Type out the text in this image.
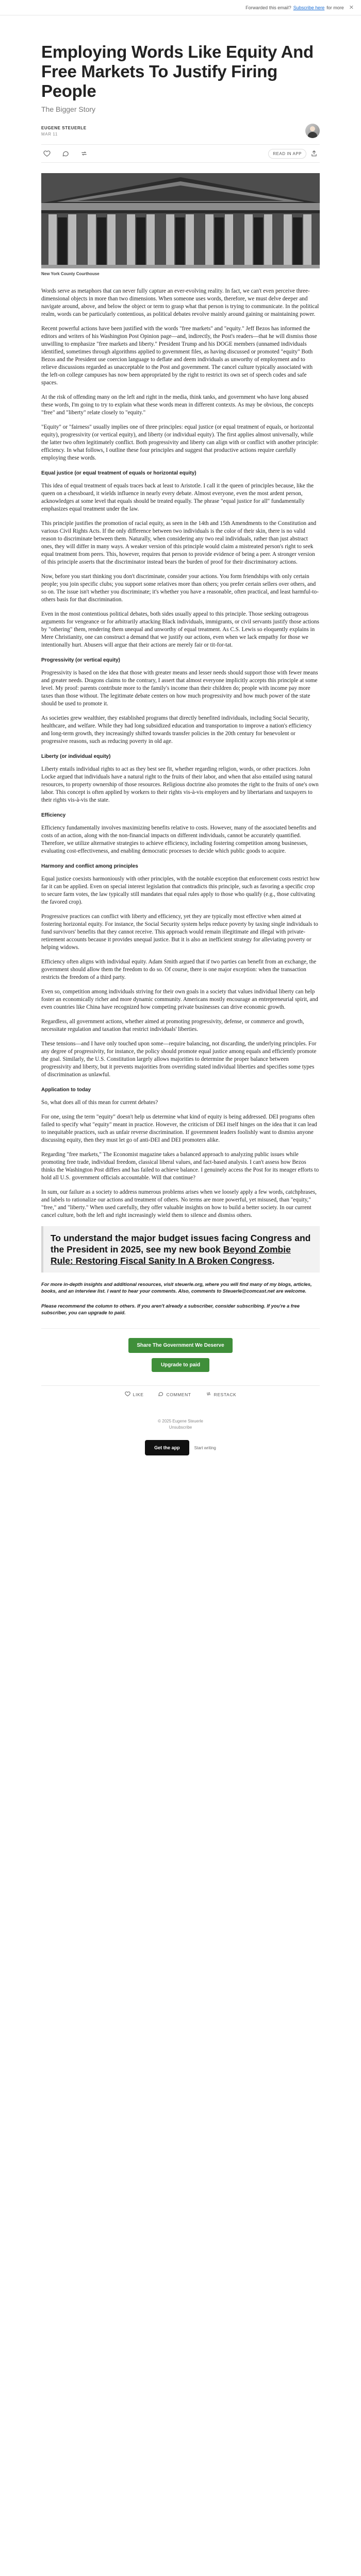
Forwarded this email? Subscribe here for more ✕
Employing Words Like Equity And Free Markets To Justify Firing People
The Bigger Story
EUGENE STEUERLE
MAR 11
READ IN APP
New York County Courthouse

Words serve as metaphors that can never fully capture an ever-evolving reality. In fact, we can't even perceive three-dimensional objects in more than two dimensions. When someone uses words, therefore, we must delve deeper and navigate around, above, and below the object or term to grasp what that person is trying to communicate. In the political realm, words can be particularly contentious, as political debates revolve mainly around gaining or maintaining power.

Recent powerful actions have been justified with the words "free markets" and "equity." Jeff Bezos has informed the editors and writers of his Washington Post Opinion page—and, indirectly, the Post's readers—that he will dismiss those unwilling to emphasize "free markets and liberty." President Trump and his DOGE members (unnamed individuals identified, sometimes through algorithms applied to government files, as having discussed or promoted "equity" Both Bezos and the President use coercion language to deflate and deem individuals as unworthy of employment and to relieve discussions regarded as unacceptable to the Post and government. The cancel culture typically associated with the left-on college campuses has now been appropriated by the right to restrict its own set of speech codes and safe spaces.

At the risk of offending many on the left and right in the media, think tanks, and government who have long abused these words, I'm going to try to explain what these words mean in different contexts. As may be obvious, the concepts "free" and "liberty" relate closely to "equity."

"Equity" or "fairness" usually implies one of three principles: equal justice (or equal treatment of equals, or horizontal equity), progressivity (or vertical equity), and liberty (or individual equity). The first applies almost universally, while the latter two often legitimately conflict. Both progressivity and liberty can align with or conflict with another principle: efficiency. In what follows, I outline these four principles and suggest that productive actions require carefully employing these words.

Equal justice (or equal treatment of equals or horizontal equity)

This idea of equal treatment of equals traces back at least to Aristotle. I call it the queen of principles because, like the queen on a chessboard, it wields influence in nearly every debate. Almost everyone, even the most ardent person, acknowledges at some level that equals should be treated equally. The phrase "equal justice for all" fundamentally emphasizes equal treatment under the law.

This principle justifies the promotion of racial equity, as seen in the 14th and 15th Amendments to the Constitution and various Civil Rights Acts. If the only difference between two individuals is the color of their skin, there is no valid reason to discriminate between them. Naturally, when considering any two real individuals, rather than just abstract ones, they will differ in many ways. A weaker version of this principle would claim a mistreated person's right to seek equal treatment from peers. This, however, requires that person to provide evidence of being a peer. A stronger version of this principle asserts that the discriminator instead bears the burden of proof for their discriminatory actions.

Now, before you start thinking you don't discriminate, consider your actions. You form friendships with only certain people; you join specific clubs; you support some relatives more than others; you prefer certain sellers over others, and so on. The issue isn't whether you discriminate; it's whether you have a reasonable, often practical, and least harmful-to-others basis for that discrimination.

Even in the most contentious political debates, both sides usually appeal to this principle. Those seeking outrageous arguments for vengeance or for arbitrarily attacking Black individuals, immigrants, or civil servants justify those actions by "othering" them, rendering them unequal and unworthy of equal treatment. As C.S. Lewis so eloquently explains in Mere Christianity, one can construct a demand that we justify our actions, even when we lack empathy for those we intentionally hurt. Abusers will argue that their actions are merely fair or tit-for-tat.

Progressivity (or vertical equity)

Progressivity is based on the idea that those with greater means and lesser needs should support those with fewer means and greater needs. Dragons claims to the contrary, I assert that almost everyone implicitly accepts this principle at some level. My proof: parents contribute more to the family's income than their children do; people with income pay more taxes than those without. The legitimate debate centers on how much progressivity and how much power of the state should be used to promote it.

As societies grew wealthier, they established programs that directly benefited individuals, including Social Security, healthcare, and welfare. While they had long subsidized education and transportation to improve a nation's efficiency and long-term growth, they increasingly shifted towards transfer policies in the 20th century for benevolent or progressive reasons, such as reducing poverty in old age.

Liberty (or individual equity)

Liberty entails individual rights to act as they best see fit, whether regarding religion, words, or other practices. John Locke argued that individuals have a natural right to the fruits of their labor, and when that also entailed using natural resources, to property ownership of those resources. Religious doctrine also promotes the right to the fruits of one's own labor. This concept is often applied by workers to their rights vis-à-vis employers and by libertarians and taxpayers to their rights vis-à-vis the state.

Efficiency

Efficiency fundamentally involves maximizing benefits relative to costs. However, many of the associated benefits and costs of an action, along with the non-financial impacts on different individuals, cannot be accurately quantified. Therefore, we utilize alternative strategies to achieve efficiency, including fostering competition among businesses, evaluating cost-effectiveness, and enabling democratic processes to decide which public goods to acquire.

Harmony and conflict among principles

Equal justice coexists harmoniously with other principles, with the notable exception that enforcement costs restrict how far it can be applied. Even on special interest legislation that contradicts this principle, such as favoring a specific crop to secure farm votes, the law typically still mandates that equal rules apply to those who qualify (e.g., those cultivating the favored crop).

Progressive practices can conflict with liberty and efficiency, yet they are typically most effective when aimed at fostering horizontal equity. For instance, the Social Security system helps reduce poverty by taxing single individuals to fund survivors' benefits that they cannot receive. This approach would remain illegitimate and illegal with private-retirement accounts because it provides unequal justice. But it is also an inefficient strategy for alleviating poverty or helping widows.

Efficiency often aligns with individual equity. Adam Smith argued that if two parties can benefit from an exchange, the government should allow them the freedom to do so. Of course, there is one major exception: when the transaction restricts the freedom of a third party.

Even so, competition among individuals striving for their own goals in a society that values individual liberty can help foster an economically richer and more dynamic community. Americans mostly encourage an entrepreneurial spirit, and even countries like China have recognized how competing private businesses can drive economic growth.

Regardless, all government actions, whether aimed at promoting progressivity, defense, or commerce and growth, necessitate regulation and taxation that restrict individuals' liberties.

These tensions—and I have only touched upon some—require balancing, not discarding, the underlying principles. For any degree of progressivity, for instance, the policy should promote equal justice among equals and efficiently promote the goal. Similarly, the U.S. Constitution largely allows majorities to determine the proper balance between progressivity and liberty, but it prevents majorities from overriding stated individual liberties and specifies some types of discrimination as unlawful.

Application to today

So, what does all of this mean for current debates?

For one, using the term "equity" doesn't help us determine what kind of equity is being addressed. DEI programs often failed to specify what "equity" meant in practice. However, the criticism of DEI itself hinges on the idea that it can lead to inequitable practices, such as unfair reverse discrimination. If government leaders foolishly want to dismiss anyone discussing equity, then they must let go of anti-DEI and DEI promoters alike.

Regarding "free markets," The Economist magazine takes a balanced approach to analyzing public issues while promoting free trade, individual freedom, classical liberal values, and fact-based analysis. I can't assess how Bezos thinks the Washington Post differs and has failed to achieve balance. I genuinely access the Post for its meager efforts to hold all U.S. government officials accountable. Will that continue?

In sum, our failure as a society to address numerous problems arises when we loosely apply a few words, catchphrases, and labels to rationalize our actions and treatment of others. No terms are more powerful, yet misused, than "equity," "free," and "liberty." When used carefully, they offer valuable insights on how to build a better society. In our current cancel culture, both the left and right increasingly wield them to silence and dismiss others.

To understand the major budget issues facing Congress and the President in 2025, see my new book Beyond Zombie Rule: Restoring Fiscal Sanity In A Broken Congress.

For more in-depth insights and additional resources, visit steuerle.org, where you will find many of my blogs, articles, books, and an interview list. I want to hear your comments. Also, comments to Steuerle@comcast.net are welcome.

Please recommend the column to others. If you aren't already a subscriber, consider subscribing. If you're a free subscriber, you can upgrade to paid.

Share The Government We Deserve
Upgrade to paid
LIKE	COMMENT	RESTACK
© 2025 Eugene Steuerle
Unsubscribe
Get the app	Start writing
